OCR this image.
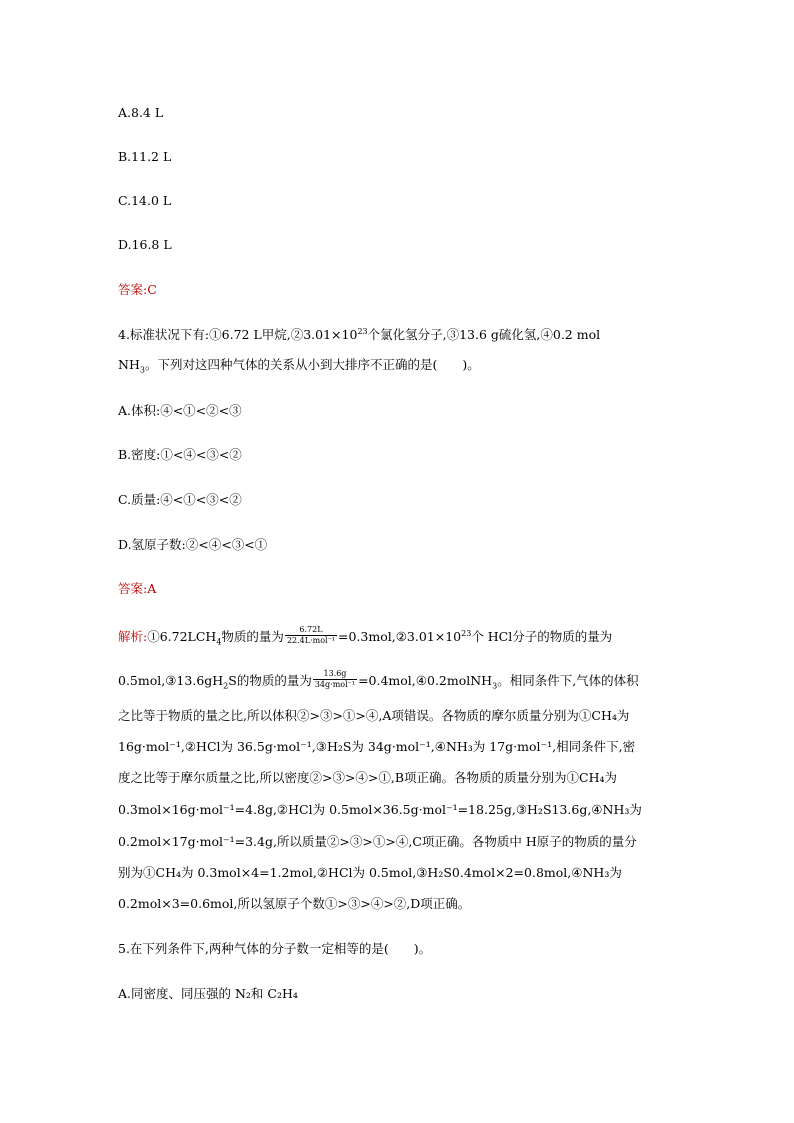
A.8.4 L
B.11.2 L
C.14.0 L
D.16.8 L
答案:C
4.标准状况下有:①6.72 L甲烷$,②3.01\times 10^{23}$个氯化氢分子,③13.6 g硫化氢,④0.2 mol
$NH_3$。下列对这四种气体的关系从小到大排序不正确的是(　　)。
A.体积:④<①<②<③
B.密度:①<④<③<②
C.质量:④<①<③<②
D.氢原子数:②<④<③<①
答案:A
解析$:①6.72LCH_4$物质的量为 $\frac{6.72L}{\text{22.4L·mol⁻¹}}$ $=0.3mol,②3.01\times 10^{23}$个 HCl分子的物质的量为
$0.5mol,③13.6gH_2S$的物质的量为 $\frac{13.6g}{\text{34g·mol⁻¹}}$ =0.4mol,④0.2molNH$_3$。相同条件下,气体的体积
之比等于物质的量之比,所以体积②>③>①>④,A项错误。各物质的摩尔质量分别为①CH₄为
16g·mol⁻¹,②HCl为 36.5g·mol⁻¹,③H₂S为 34g·mol⁻¹,④NH₃为 17g·mol⁻¹,相同条件下,密
度之比等于摩尔质量之比,所以密度②>③>④>①,B项正确。各物质的质量分别为①CH₄为
0.3mol×16g·mol⁻¹=4.8g,②HCl为 0.5mol×36.5g·mol⁻¹=18.25g,③H₂S13.6g,④NH₃为
0.2mol×17g·mol⁻¹=3.4g,所以质量②>③>①>④,C项正确。各物质中 H原子的物质的量分
别为①CH₄为 0.3mol×4=1.2mol,②HCl为 0.5mol,③H₂S0.4mol×2=0.8mol,④NH₃为
0.2mol×3=0.6mol,所以氢原子个数①>③>④>②,D项正确。
5.在下列条件下,两种气体的分子数一定相等的是(　　)。
A.同密度、同压强的 N₂和 C₂H₄
